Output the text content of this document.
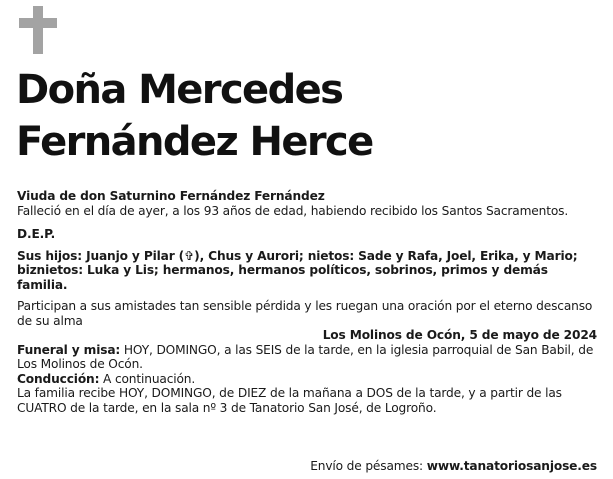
Doña Mercedes
Fernández Herce

Viuda de don Saturnino Fernández Fernández

Falleció en el día de ayer, a los 93 años de edad, habiendo recibido los Santos Sacramentos.

D.E.P.

Sus hijos: Juanjo y Pilar (✞), Chus y Aurori; nietos: Sade y Rafa, Joel, Erika, y Mario; biznietos: Luka y Lis; hermanos, hermanos políticos, sobrinos, primos y demás familia.

Participan a sus amistades tan sensible pérdida y les ruegan una oración por el eterno descanso de su alma

Los Molinos de Ocón, 5 de mayo de 2024

Funeral y misa: HOY, DOMINGO, a las SEIS de la tarde, en la iglesia parroquial de San Babil, de Los Molinos de Ocón.

Conducción: A continuación.

La familia recibe HOY, DOMINGO, de DIEZ de la mañana a DOS de la tarde, y a partir de las CUATRO de la tarde, en la sala nº 3 de Tanatorio San José, de Logroño.

Envío de pésames: www.tanatoriosanjose.es
